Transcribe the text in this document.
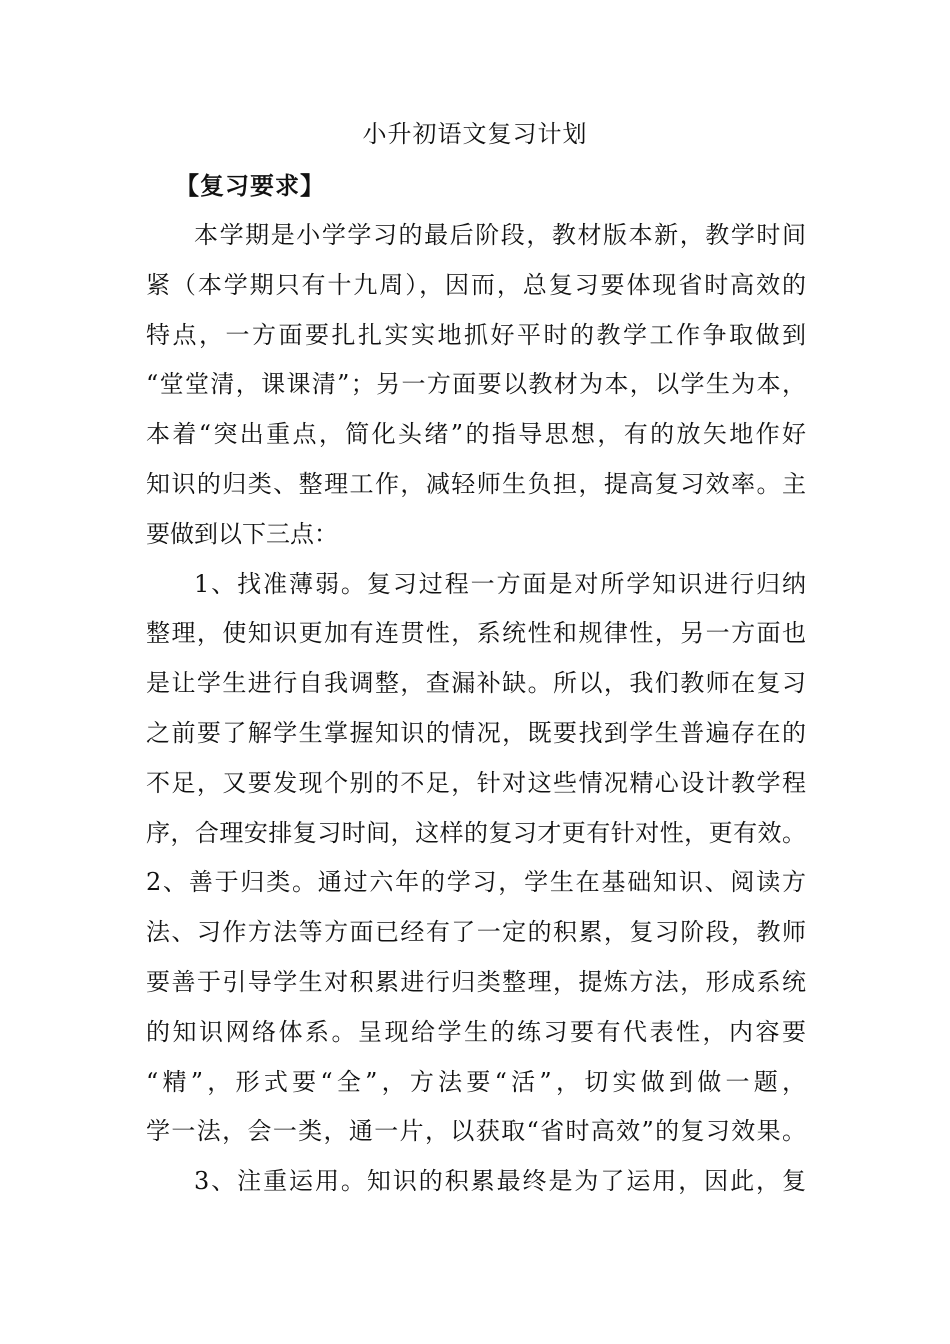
小升初语文复习计划
【复习要求】
本学期是小学学习的最后阶段，教材版本新，教学时间
紧（本学期只有十九周），因而，总复习要体现省时高效的
特点，一方面要扎扎实实地抓好平时的教学工作争取做到
“堂堂清，课课清”；另一方面要以教材为本，以学生为本，
本着“突出重点，简化头绪”的指导思想，有的放矢地作好
知识的归类、整理工作，减轻师生负担，提高复习效率。主
要做到以下三点：
1、找准薄弱。复习过程一方面是对所学知识进行归纳
整理，使知识更加有连贯性，系统性和规律性，另一方面也
是让学生进行自我调整，查漏补缺。所以，我们教师在复习
之前要了解学生掌握知识的情况，既要找到学生普遍存在的
不足，又要发现个别的不足，针对这些情况精心设计教学程
序，合理安排复习时间，这样的复习才更有针对性，更有效。
2、善于归类。通过六年的学习，学生在基础知识、阅读方
法、习作方法等方面已经有了一定的积累，复习阶段，教师
要善于引导学生对积累进行归类整理，提炼方法，形成系统
的知识网络体系。呈现给学生的练习要有代表性，内容要
“精”，形式要“全”，方法要“活”，切实做到做一题，
学一法，会一类，通一片，以获取“省时高效”的复习效果。
3、注重运用。知识的积累最终是为了运用，因此，复
